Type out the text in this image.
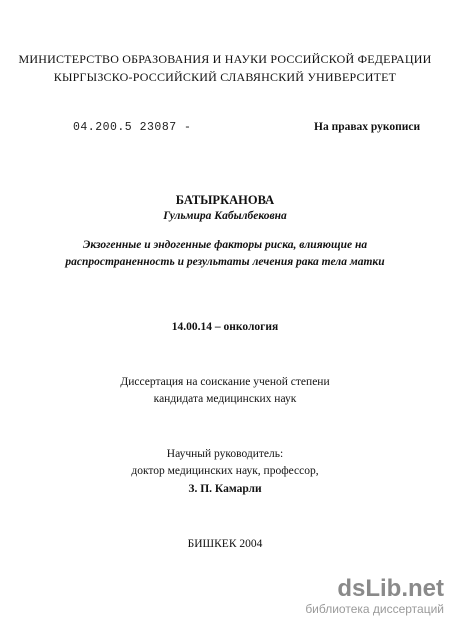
МИНИСТЕРСТВО ОБРАЗОВАНИЯ И НАУКИ РОССИЙСКОЙ ФЕДЕРАЦИИ
КЫРГЫЗСКО-РОССИЙСКИЙ СЛАВЯНСКИЙ УНИВЕРСИТЕТ
04.200.5 23087 -	На правах рукописи
БАТЫРКАНОВА
Гульмира Кабылбековна
Экзогенные и эндогенные факторы риска, влияющие на
распространенность и результаты лечения рака тела матки
14.00.14 – онкология
Диссертация на соискание ученой степени
кандидата медицинских наук
Научный руководитель:
доктор медицинских наук, профессор,
З. П. Камарли
БИШКЕК 2004
dsLib.net
библиотека диссертаций
